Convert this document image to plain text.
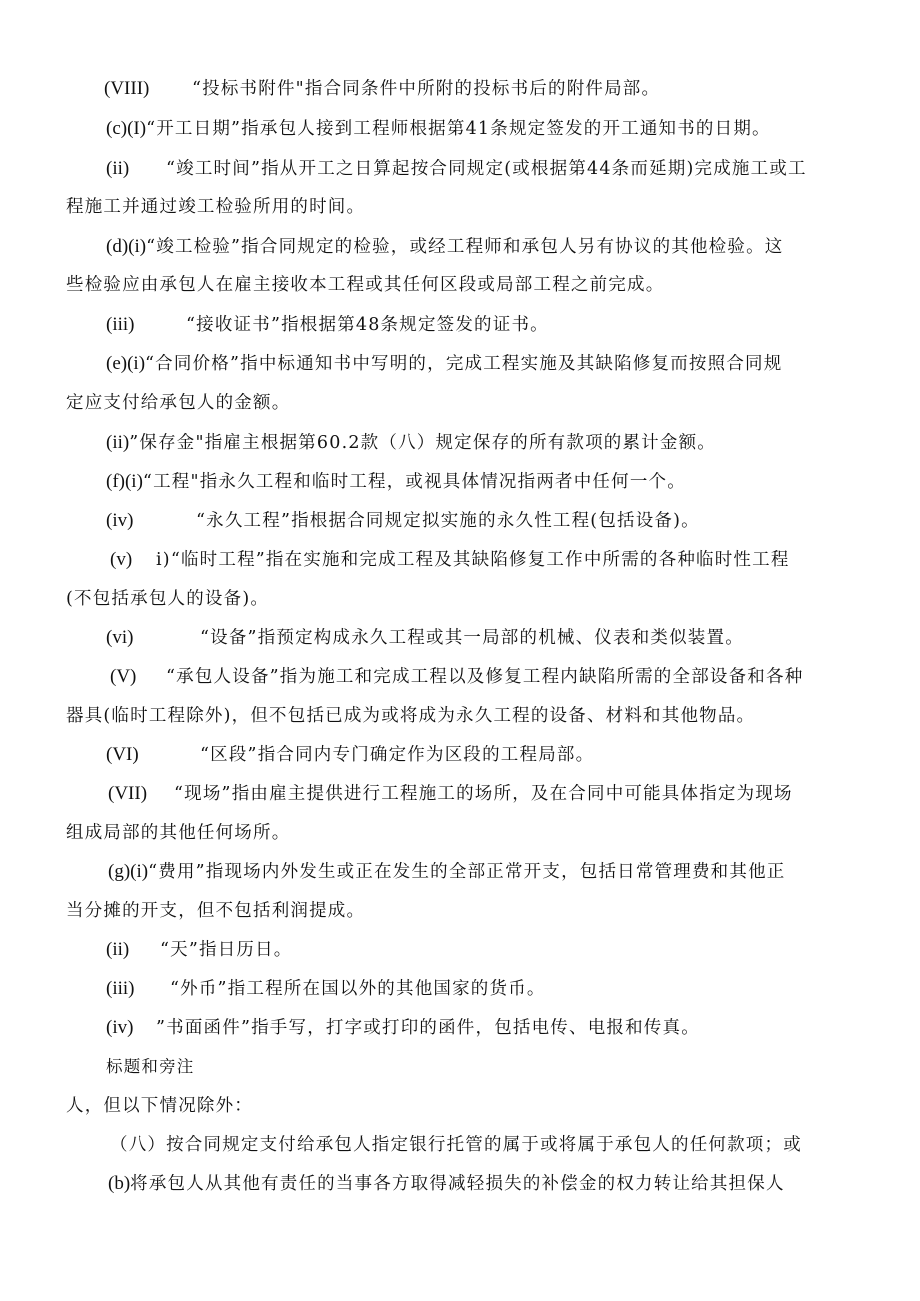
(VIII) “投标书附件"指合同条件中所附的投标书后的附件局部。
(c)(I)“开工日期”指承包人接到工程师根据第41条规定签发的开工通知书的日期。
(ii) “竣工时间”指从开工之日算起按合同规定(或根据第44条而延期)完成施工或工
程施工并通过竣工检验所用的时间。
(d)(i)“竣工检验”指合同规定的检验，或经工程师和承包人另有协议的其他检验。这
些检验应由承包人在雇主接收本工程或其任何区段或局部工程之前完成。
(iii)	“接收证书”指根据第48条规定签发的证书。
(e)(i)“合同价格”指中标通知书中写明的，完成工程实施及其缺陷修复而按照合同规
定应支付给承包人的金额。
(ii)”保存金"指雇主根据第60.2款（八）规定保存的所有款项的累计金额。
(f)(i)“工程"指永久工程和临时工程，或视具体情况指两者中任何一个。
(iv)	“永久工程”指根据合同规定拟实施的永久性工程(包括设备)。
(v) i)“临时工程”指在实施和完成工程及其缺陷修复工作中所需的各种临时性工程
(不包括承包人的设备)。
(vi)	“设备”指预定构成永久工程或其一局部的机械、仪表和类似装置。
(V) “承包人设备”指为施工和完成工程以及修复工程内缺陷所需的全部设备和各种
器具(临时工程除外)，但不包括已成为或将成为永久工程的设备、材料和其他物品。
(VI)	“区段”指合同内专门确定作为区段的工程局部。
(VII) “现场”指由雇主提供进行工程施工的场所，及在合同中可能具体指定为现场
组成局部的其他任何场所。
(g)(i)“费用”指现场内外发生或正在发生的全部正常开支，包括日常管理费和其他正
当分摊的开支，但不包括利润提成。
(ii) “天”指日历日。
(iii) “外币”指工程所在国以外的其他国家的货币。
(iv) ”书面函件”指手写，打字或打印的函件，包括电传、电报和传真。
标题和旁注
人，但以下情况除外：
（八）按合同规定支付给承包人指定银行托管的属于或将属于承包人的任何款项；或
(b)将承包人从其他有责任的当事各方取得减轻损失的补偿金的权力转让给其担保人
